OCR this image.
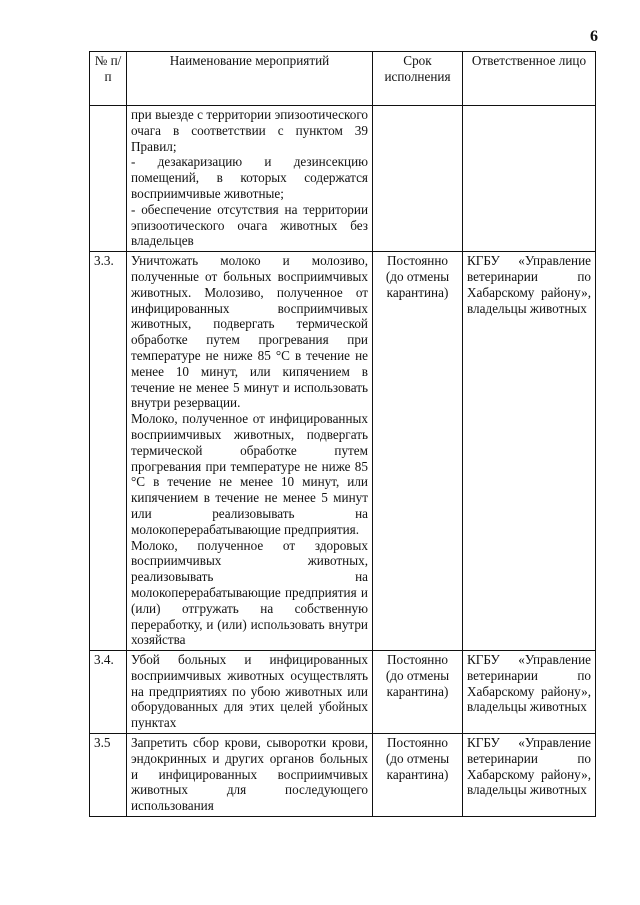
6
№ п/п	Наименование мероприятий	Срок исполнения	Ответственное лицо

	при выезде с территории эпизоотического очага в соответствии с пунктом 39 Правил;
- дезакаризацию и дезинсекцию помещений, в которых содержатся восприимчивые животные;
- обеспечение отсутствия на территории эпизоотического очага животных без владельцев		

3.3.	Уничтожать молоко и молозиво, полученные от больных восприимчивых животных. Молозиво, полученное от инфицированных восприимчивых животных, подвергать термической обработке путем прогревания при температуре не ниже 85 °С в течение не менее 10 минут, или кипячением в течение не менее 5 минут и использовать внутри резервации.
Молоко, полученное от инфицированных восприимчивых животных, подвергать термической обработке путем прогревания при температуре не ниже 85 °С в течение не менее 10 минут, или кипячением в течение не менее 5 минут или реализовывать на молокоперерабатывающие предприятия.
Молоко, полученное от здоровых восприимчивых животных, реализовывать на молокоперерабатывающие предприятия и (или) отгружать на собственную переработку, и (или) использовать внутри хозяйства	Постоянно (до отмены карантина)	КГБУ «Управление ветеринарии по Хабарскому району», владельцы животных
3.4.	Убой больных и инфицированных восприимчивых животных осуществлять на предприятиях по убою животных или оборудованных для этих целей убойных пунктах	Постоянно (до отмены карантина)	КГБУ «Управление ветеринарии по Хабарскому району», владельцы животных
3.5	Запретить сбор крови, сыворотки крови, эндокринных и других органов больных и инфицированных восприимчивых животных для последующего использования	Постоянно (до отмены карантина)	КГБУ «Управление ветеринарии по Хабарскому району», владельцы животных
